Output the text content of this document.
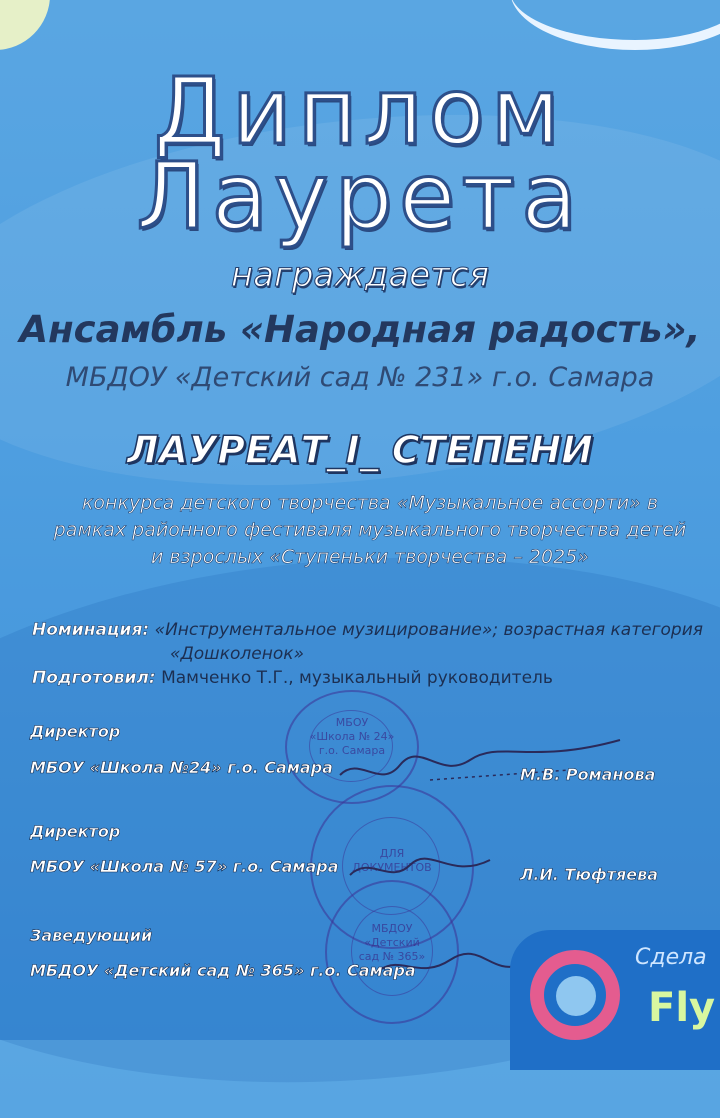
Диплом
Лаурета
награждается
Ансамбль «Народная радость»,
МБДОУ «Детский сад № 231» г.о. Самара
ЛАУРЕАТ_I_ СТЕПЕНИ
конкурса детского творчества «Музыкальное ассорти» в
рамках районного фестиваля музыкального творчества детей
и взрослых «Ступеньки творчества – 2025»
Номинация: «Инструментальное музицирование»; возрастная категория
«Дошколенок»
Подготовил: Мамченко Т.Г., музыкальный руководитель
МБОУ
«Школа № 24»
г.о. Самара
ДЛЯ
ДОКУМЕНТОВ
МБДОУ
«Детский
сад № 365»
Директор
МБОУ «Школа №24» г.о. Самара	М.В. Романова
Директор
МБОУ «Школа № 57» г.о. Самара	Л.И. Тюфтяева
Заведующий
МБДОУ «Детский сад № 365» г.о. Самара
Сдела
Fly
